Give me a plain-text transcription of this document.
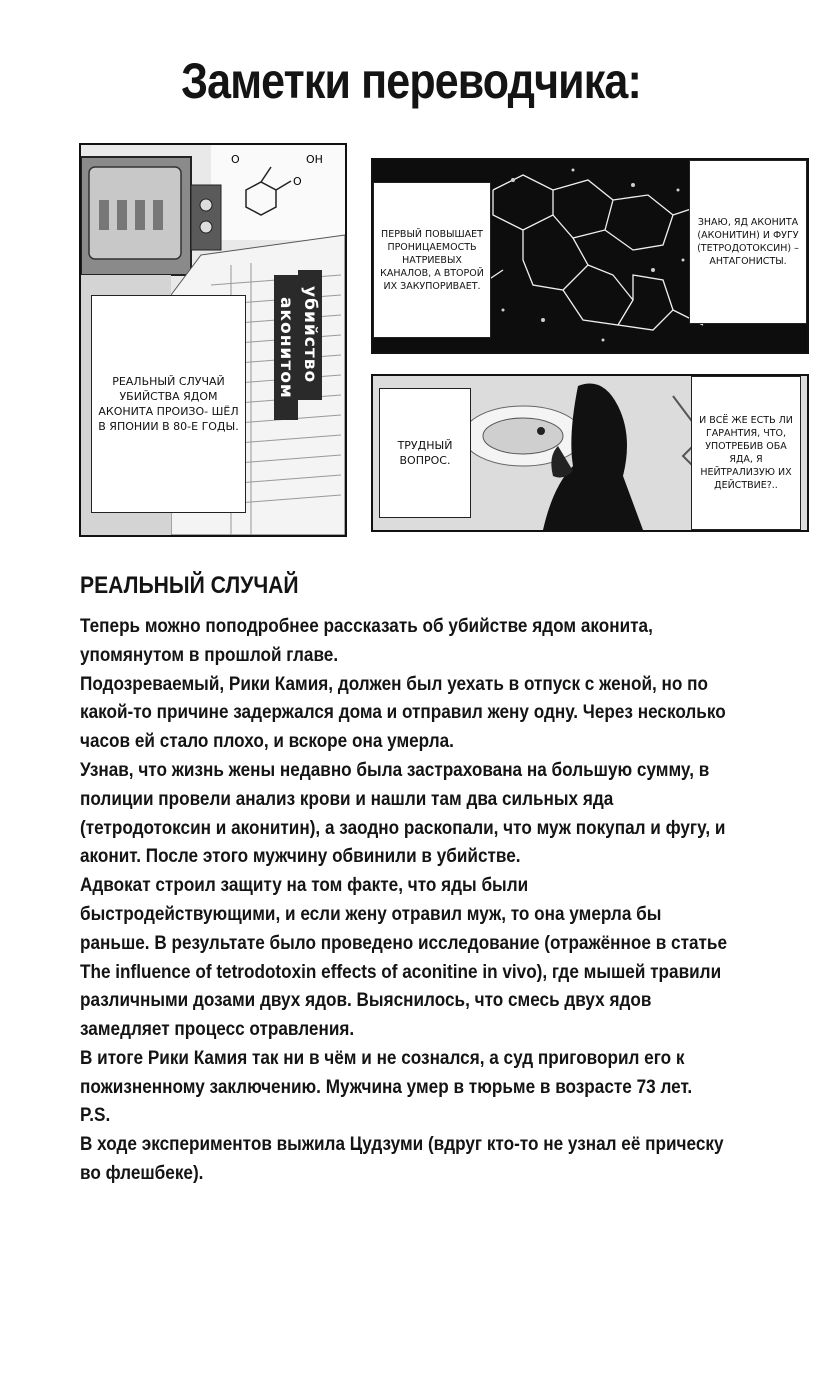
Заметки переводчика:
O	OH
O
аконитом убийство
РЕАЛЬНЫЙ СЛУЧАЙ УБИЙСТВА ЯДОМ АКОНИТА ПРОИЗО- ШЁЛ В ЯПОНИИ В 80-Е ГОДЫ.
ПЕРВЫЙ ПОВЫШАЕТ ПРОНИЦАЕМОСТЬ НАТРИЕВЫХ КАНАЛОВ, А ВТОРОЙ ИХ ЗАКУПОРИВАЕТ.
ЗНАЮ, ЯД АКОНИТА (АКОНИТИН) И ФУГУ (ТЕТРОДОТОКСИН) – АНТАГОНИСТЫ.
ТРУДНЫЙ ВОПРОС.
И ВСЁ ЖЕ ЕСТЬ ЛИ ГАРАНТИЯ, ЧТО, УПОТРЕБИВ ОБА ЯДА, Я НЕЙТРАЛИЗУЮ ИХ ДЕЙСТВИЕ?..
РЕАЛЬНЫЙ СЛУЧАЙ

Теперь можно поподробнее рассказать об убийстве ядом аконита, упомянутом в прошлой главе.

Подозреваемый, Рики Камия, должен был уехать в отпуск с женой, но по какой-то причине задержался дома и отправил жену одну. Через несколько часов ей стало плохо, и вскоре она умерла.

Узнав, что жизнь жены недавно была застрахована на большую сумму, в полиции провели анализ крови и нашли там два сильных яда (тетродотоксин и аконитин), а заодно раскопали, что муж покупал и фугу, и аконит. После этого мужчину обвинили в убийстве.

Адвокат строил защиту на том факте, что яды были быстродействующими, и если жену отравил муж, то она умерла бы раньше. В результате было проведено исследование (отражённое в статье The influence of tetrodotoxin effects of aconitine in vivo), где мышей травили различными дозами двух ядов. Выяснилось, что смесь двух ядов замедляет процесс отравления.

В итоге Рики Камия так ни в чём и не сознался, а суд приговорил его к пожизненному заключению. Мужчина умер в тюрьме в возрасте 73 лет.

P.S.

В ходе экспериментов выжила Цудзуми (вдруг кто-то не узнал её прическу во флешбеке).
